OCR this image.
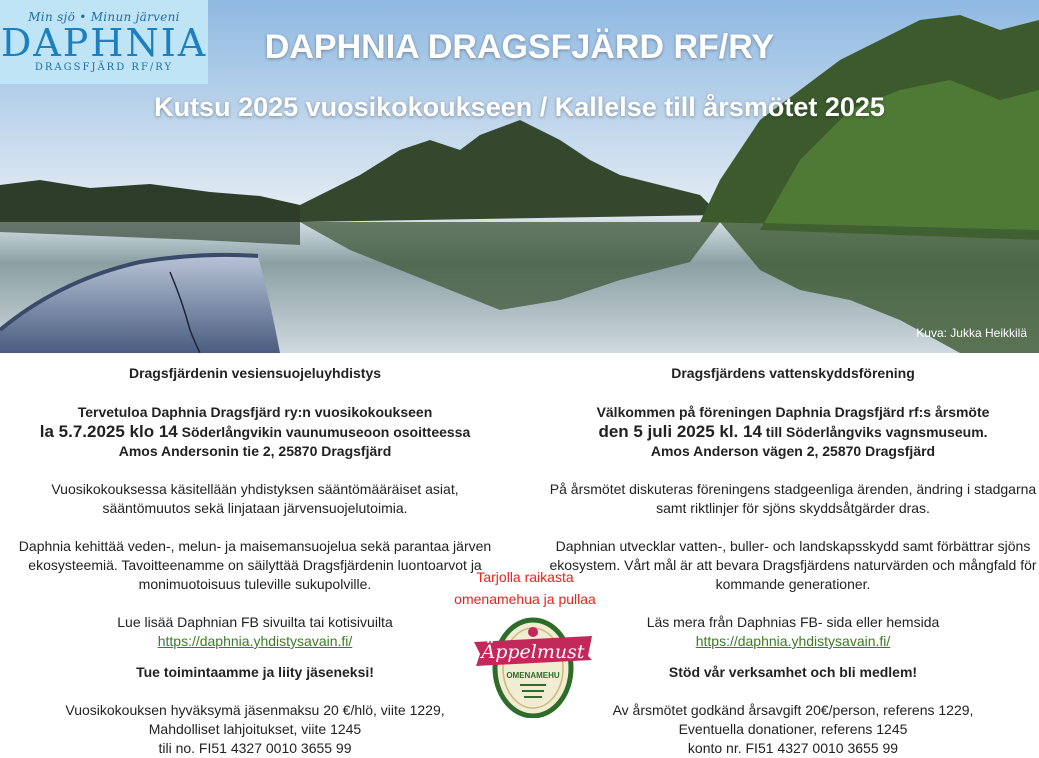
Min sjö • Minun järveni
DAPHNIA
DRAGSFJÄRD RF/RY
DAPHNIA DRAGSFJÄRD RF/RY
Kutsu 2025 vuosikokoukseen / Kallelse till årsmötet 2025
Kuva: Jukka Heikkilä

Dragsfjärdenin vesiensuojeluyhdistys

Tervetuloa Daphnia Dragsfjärd ry:n vuosikokoukseen

la 5.7.2025 klo 14 Söderlångvikin vaunumuseoon osoitteessa

Amos Andersonin tie 2, 25870 Dragsfjärd

Vuosikokouksessa käsitellään yhdistyksen sääntömääräiset asiat, sääntömuutos sekä linjataan järvensuojelutoimia.

Daphnia kehittää veden-, melun- ja maisemansuojelua sekä parantaa järven ekosysteemiä. Tavoitteenamme on säilyttää Dragsfjärdenin luontoarvot ja monimuotoisuus tuleville sukupolville.

Lue lisää Daphnian FB sivuilta tai kotisivuilta

https://daphnia.yhdistysavain.fi/

Tue toimintaamme ja liity jäseneksi!

Vuosikokouksen hyväksymä jäsenmaksu 20 €/hlö, viite 1229,

Mahdolliset lahjoitukset, viite 1245

tili no. FI51 4327 0010 3655 99

Dragsfjärdens vattenskyddsförening

Välkommen på föreningen Daphnia Dragsfjärd rf:s årsmöte

den 5 juli 2025 kl. 14 till Söderlångviks vagnsmuseum.

Amos Anderson vägen 2, 25870 Dragsfjärd

På årsmötet diskuteras föreningens stadgeenliga ärenden, ändring i stadgarna samt riktlinjer för sjöns skyddsåtgärder dras.

Daphnian utvecklar vatten-, buller- och landskapsskydd samt förbättrar sjöns ekosystem. Vårt mål är att bevara Dragsfjärdens naturvärden och mångfald för kommande generationer.

Läs mera från Daphnias FB- sida eller hemsida

https://daphnia.yhdistysavain.fi/

Stöd vår verksamhet och bli medlem!

Av årsmötet godkänd årsavgift 20€/person, referens 1229,

Eventuella donationer, referens 1245

konto nr. FI51 4327 0010 3655 99

Tarjolla raikasta
omenamehua ja pullaa
Äppelmust
OMENAMEHU
